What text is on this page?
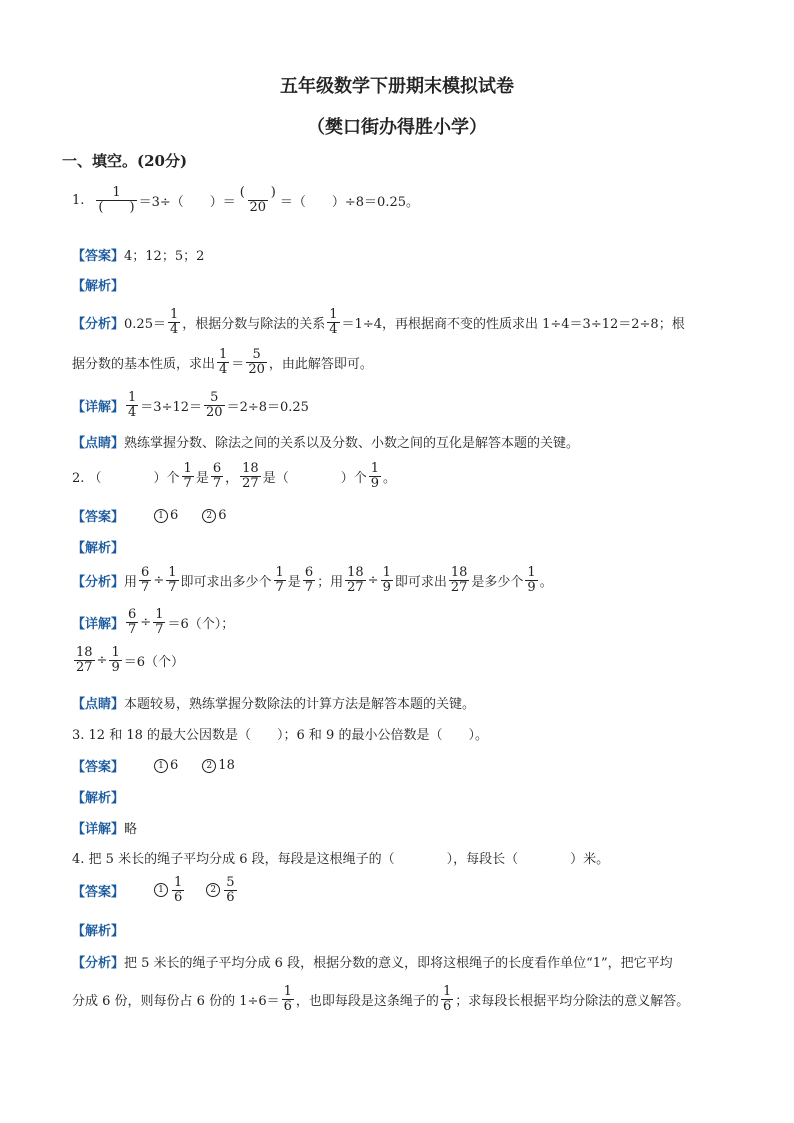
五年级数学下册期末模拟试卷
（樊口街办得胜小学）
一、填空。(20分)
1. $\frac{1}{( )} =3\div$（　　）＝ $\frac{( )}{20}$ ＝（　　）÷8＝0.25。
【答案】 4；12；5；2
【解析】
【分析】 $0.25= \frac{1}{4}$ ，根据分数与除法的关系 $\frac{1}{4} =1\div 4$，再根据商不变的性质求出 1÷4＝3÷12＝2÷8；根
据分数的基本性质，求出 $\frac{1}{4} = \frac{5}{20}$ ，由此解答即可。
【详解】 $\frac{1}{4} =3\div 12= \frac{5}{20} =2\div 8=0.25$
【点睛】 熟练掌握分数、除法之间的关系以及分数、小数之间的互化是解答本题的关键。
2. （　　　　）个 $\frac{1}{7}$ 是 $\frac{6}{7}$ ， $\frac{18}{27}$ 是（　　　　）个 $\frac{1}{9}$ 。
【答案】	1 6	2 6
【解析】
【分析】 用 $\frac{6}{7} \div \frac{1}{7}$ 即可求出多少个 $\frac{1}{7}$ 是 $\frac{6}{7}$ ；用 $\frac{18}{27} \div \frac{1}{9}$ 即可求出 $\frac{18}{27}$ 是多少个 $\frac{1}{9}$ 。
【详解】 $\frac{6}{7} \div \frac{1}{7} =6$（个）；
$\frac{18}{27} \div \frac{1}{9} =6$（个）
【点睛】 本题较易，熟练掌握分数除法的计算方法是解答本题的关键。
3. 12 和 18 的最大公因数是（　　）；6 和 9 的最小公倍数是（　　）。
【答案】	1 6	2 18
【解析】
【详解】 略
4. 把 5 米长的绳子平均分成 6 段，每段是这根绳子的（　　　　），每段长（　　　　）米。
【答案】	$1 \frac{1}{6}$	$2 \frac{5}{6}$
【解析】
【分析】 把 5 米长的绳子平均分成 6 段，根据分数的意义，即将这根绳子的长度看作单位“1”，把它平均
分成 6 份，则每份占 6 份的 $1\div 6= \frac{1}{6}$ ，也即每段是这条绳子的 $\frac{1}{6}$ ；求每段长根据平均分除法的意义解答。
